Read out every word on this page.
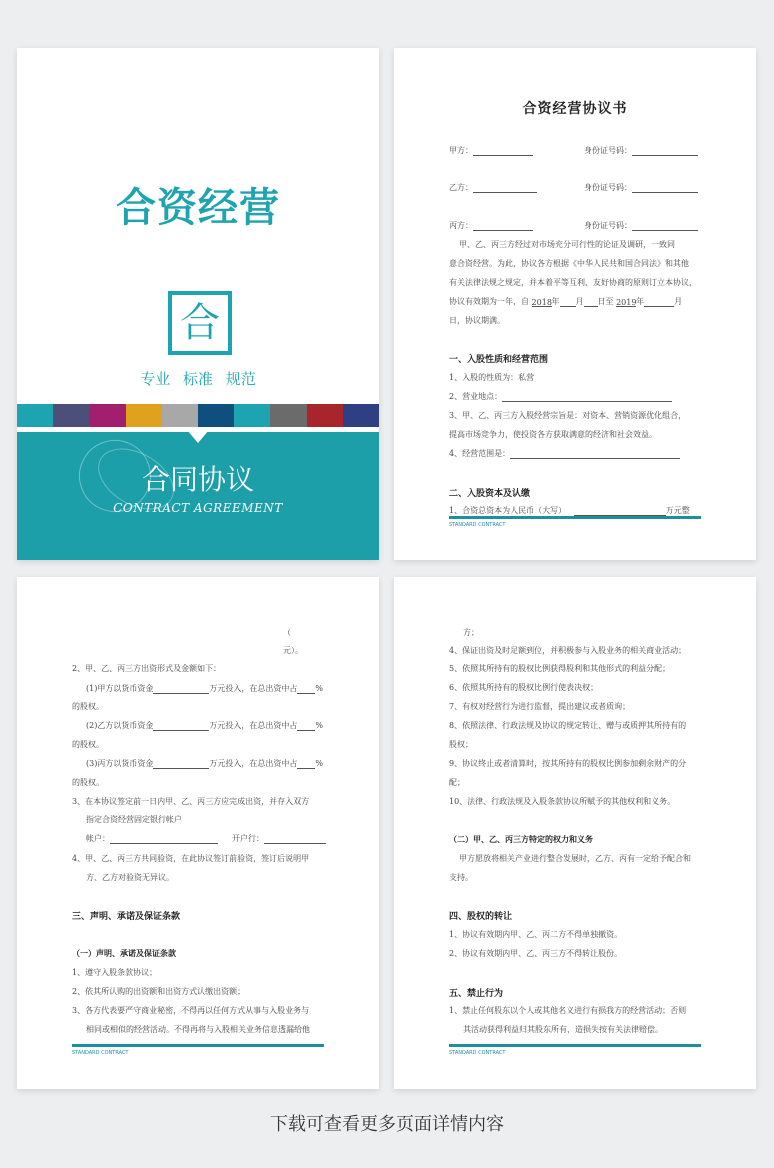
合资经营
合
专业 标准 规范
合同协议
CONTRACT AGREEMENT
合资经营协议书
甲方：	身份证号码：
乙方：	身份证号码：
丙方：	身份证号码：
甲、乙、丙三方经过对市场充分可行性的论证及调研，一致同
意合资经营。为此，协议各方根据《中华人民共和国合同法》和其他
有关法律法规之规定，并本着平等互利、友好协商的原则订立本协议，
协议有效期为一年，自 2018年 月 日至 2019年	月
日，协议期满。
一、入股性质和经营范围
1、入股的性质为：私营
2、营业地点：
3、甲、乙、丙三方入股经营宗旨是：对资本、营销资源优化组合，
提高市场竞争力，使投资各方获取满意的经济和社会效益。
4、经营范围是：
二、入股资本及认缴
1、合资总资本为人民币（大写）	万元整
STANDARD CONTRACT
（
元）。
2、甲、乙、丙三方出资形式及金额如下：
(1)甲方以货币资金	万元投入，在总出资中占 %
的股权。
(2)乙方以货币资金	万元投入，在总出资中占 %
的股权。
(3)丙方以货币资金	万元投入，在总出资中占 %
的股权。
3、在本协议签定前一日内甲、乙、丙三方应完成出资，并存入双方
指定合资经营固定银行帐户
帐户：	开户行：
4、甲、乙、丙三方共同验资，在此协议签订前验资，签订后说明甲
方、乙方对验资无异议。
三、声明、承诺及保证条款
（一）声明、承诺及保证条款
1、遵守入股条款协议；
2、依其所认购的出资额和出资方式认缴出资额；
3、各方代表要严守商业秘密，不得再以任何方式从事与入股业务与
相同或相似的经营活动。不得再将与入股相关业务信息透漏给他
STANDARD CONTRACT
方；
4、保证出资及时足额到位，并积极参与入股业务的相关商业活动；
5、依照其所持有的股权比例获得股利和其他形式的利益分配；
6、依照其所持有的股权比例行使表决权；
7、有权对经营行为进行监督，提出建议或者质询；
8、依照法律、行政法规及协议的规定转让、赠与或质押其所持有的
股权；
9、协议终止或者清算时，按其所持有的股权比例参加剩余财产的分
配；
10、法律、行政法规及入股条款协议所赋予的其他权利和义务。
（二）甲、乙、丙三方特定的权力和义务
甲方愿放将相关产业进行整合发展时，乙方、丙有一定给予配合和
支持。
四、股权的转让
1、协议有效期内甲、乙、丙二方不得单独撤资。
2、协议有效期内甲、乙、丙三方不得转让股份。
五、禁止行为
1、禁止任何股东以个人或其他名义进行有损我方的经营活动；否则
其活动获得利益归其股东所有，造损失按有关法律赔偿。
STANDARD CONTRACT
下载可查看更多页面详情内容
